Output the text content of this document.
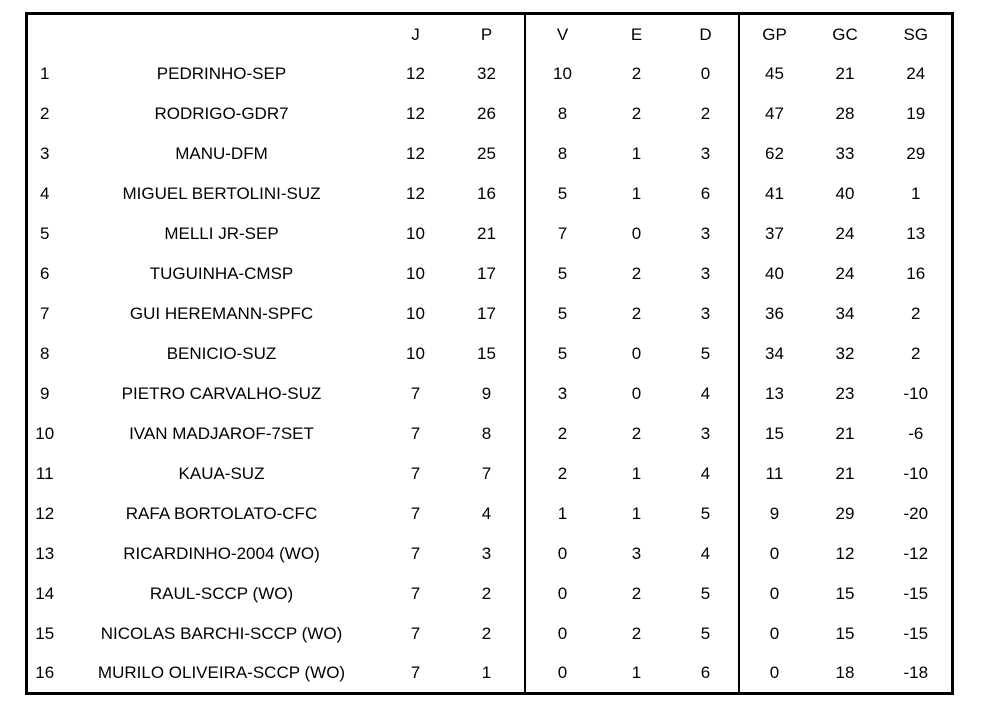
		J	P	V	E	D	GP	GC	SG
1	PEDRINHO-SEP	12	32	10	2	0	45	21	24
2	RODRIGO-GDR7	12	26	8	2	2	47	28	19
3	MANU-DFM	12	25	8	1	3	62	33	29
4	MIGUEL BERTOLINI-SUZ	12	16	5	1	6	41	40	1
5	MELLI JR-SEP	10	21	7	0	3	37	24	13
6	TUGUINHA-CMSP	10	17	5	2	3	40	24	16
7	GUI HEREMANN-SPFC	10	17	5	2	3	36	34	2
8	BENICIO-SUZ	10	15	5	0	5	34	32	2
9	PIETRO CARVALHO-SUZ	7	9	3	0	4	13	23	-10
10	IVAN MADJAROF-7SET	7	8	2	2	3	15	21	-6
11	KAUA-SUZ	7	7	2	1	4	11	21	-10
12	RAFA BORTOLATO-CFC	7	4	1	1	5	9	29	-20
13	RICARDINHO-2004 (WO)	7	3	0	3	4	0	12	-12
14	RAUL-SCCP (WO)	7	2	0	2	5	0	15	-15
15	NICOLAS BARCHI-SCCP (WO)	7	2	0	2	5	0	15	-15
16	MURILO OLIVEIRA-SCCP (WO)	7	1	0	1	6	0	18	-18
